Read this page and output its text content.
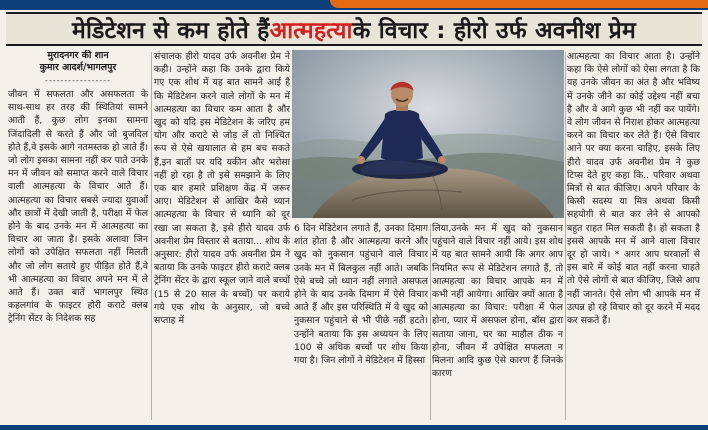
मेडिटेशन से कम होते हैं आत्महत्या के विचार : हीरो उर्फ अवनीश प्रेम
मुरादनगर की शान
कुमार आदर्श/भागलपुर
-----------------

जीवन में सफलता और असफलता के साथ-साथ हर तरह की स्थितियां सामने आती हैं, कुछ लोग इनका सामना जिंदादिली से करते हैं और जो बुजदिल होते हैं,वे इसके आगे नतमस्तक हो जाते हैं। जो लोग इसका सामना नहीं कर पाते उनके मन में जीवन को समाप्त करने वाले विचार वाली आत्महत्या के विचार आते हैं। आत्महत्या का विचार सबसे ज्यादा युवाओं और छात्रों में देखी जाती है, परीक्षा में फेल होने के बाद उनके मन में आत्महत्या का विचार आ जाता है। इसके अलावा जिन लोगों को उपेक्षित सफलता नहीं मिलती और जो लोग सताये हुए पीड़ित होते हैं,वे भी आत्महत्या का विचार अपने मन में ले आते हैं। उक्त बातें भागलपुर स्थित कहलगांव के फाइटर होरी कराटे क्लब ट्रेनिंग सेंटर के निदेशक सह

संचालक हीरो यादव उर्फ अवनीश प्रेम ने कही। उन्होंने कहा कि उनके द्वारा किये गए एक शोध में यह बात सामने आई है कि मेडिटेशन करने वाले लोगों के मन में आत्महत्या का विचार कम आता है और खुद को यदि इस मेडिटेशन के जरिए हम योग और कराटे से जोड़ लें तो निश्चित रूप से ऐसे खयालात से हम बच सकते हैं,इन बातों पर यदि यकीन और भरोसा नहीं हो रहा है तो इसे समझाने के लिए एक बार हमारे प्रशिक्षण केंद्र में जरूर आए। मेडिटेशन से आखिर कैसे ध्यान आत्महत्या के विचार से ध्यानि को दूर रखा जा सकता है, इसे हीरो यादव उर्फ अवनीश प्रेम विस्तार से बताया... शोध के अनुसार: हीरो यादव उर्फ अवनीश प्रेम ने बताया कि उनके फाइटर हीरो कराटे क्लब ट्रेनिंग सेंटर के द्वारा स्कूल जाने वाले बच्चों (15 से 20 साल के बच्चों) पर कराये गये एक शोध के अनुसार, जो बच्चे सप्ताह में

6 दिन मेडिटेशन लगाते हैं, उनका दिमाग शांत होता है और आत्महत्या करने और खुद को नुकसान पहुंचाने वाले विचार उनके मन में बिलकुल नहीं आते। जबकि ऐसे बच्चे जो ध्यान नहीं लगाते असफल होने के बाद उनके दिमाग में ऐसे विचार आते हैं और इस परिस्थिति में वे खुद को नुकसान पहुंचाने से भी पीछे नहीं हटते। उन्होंने बताया कि इस अध्ययन के लिए 100 से अधिक बच्चों पर शोध किया गया है। जिन लोगों ने मेडिटेशन में हिस्सा

लिया,उनके मन में खुद को नुकसान पहुंचाने वाले विचार नहीं आये। इस शोध में यह बात सामने आयी कि अगर आप नियमित रूप से मेडिटेशन लगाते हैं, तो आत्महत्या का विचार आपके मन में कभी नहीं आयेगा। आखिर क्यों आता है आत्महत्या का विचार: परीक्षा में फेल होना, प्यार में असफल होना, बॉस द्वारा सताया जाना, घर का माहौल ठीक न होना, जीवन में उपेक्षित सफलता न मिलना आदि कुछ ऐसे कारण हैं जिनके कारण

आत्महत्या का विचार आता है। उन्होंने कहा कि ऐसे लोगों को ऐसा लगता है कि यह उनके जीवन का अंत है और भविष्य में उनके जीने का कोई उद्देश्य नहीं बचा है और वे आगे कुछ भी नहीं कर पायेंगे। वे लोग जीवन से निराश होकर आत्महत्या करने का विचार कर लेते हैं। ऐसे विचार आने पर क्या करना चाहिए, इसके लिए हीरो यादव उर्फ अवनीश प्रेम ने कुछ टिप्स देते हुए कहा कि.. परिवार अथवा मित्रों से बात कीजिए। अपने परिवार के किसी सदस्य या मित्र अथवा किसी सहयोगी से बात कर लेने से आपको बहुत राहत मिल सकती है। हो सकता है इससे आपके मन में आने वाला विचार दूर हो जाये। * अगर आप घरवालों से इस बारे में कोई बात नहीं करना चाहते तो ऐसे लोगों से बात कीजिए, जिसे आप नहीं जानते। ऐसे लोग भी आपके मन में उत्पन्न हो रहे विचार को दूर करने में मदद कर सकते हैं।
